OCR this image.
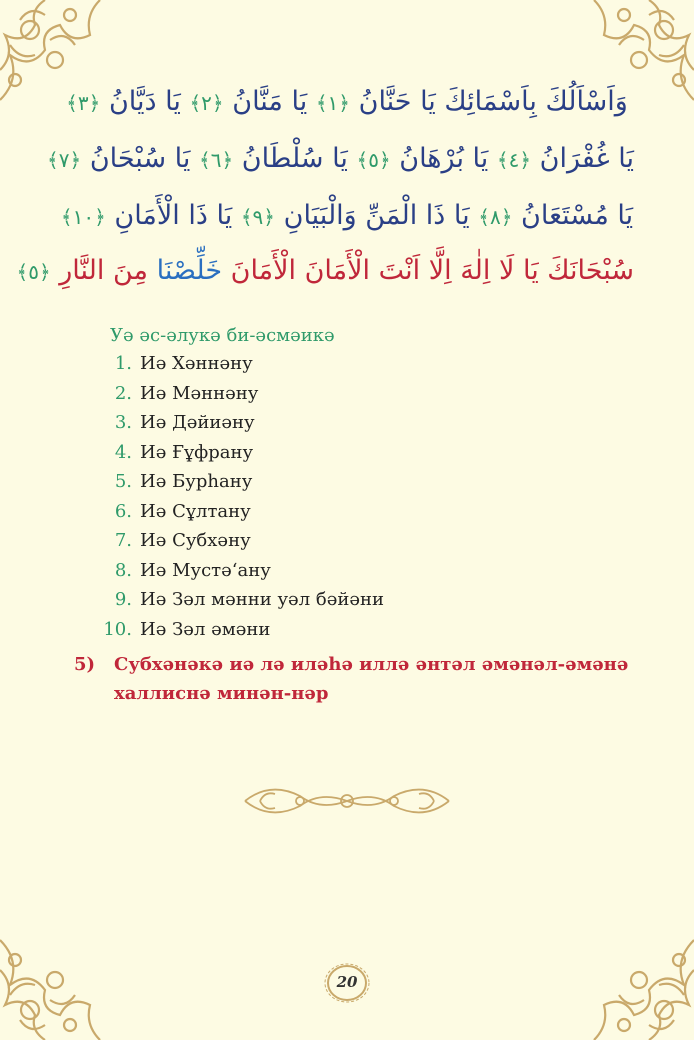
وَاَسْاَلُكَ بِاَسْمَائِكَ يَا حَنَّانُ ﴿١﴾ يَا مَنَّانُ ﴿٢﴾ يَا دَيَّانُ ﴿٣﴾
يَا غُفْرَانُ ﴿٤﴾ يَا بُرْهَانُ ﴿٥﴾ يَا سُلْطَانُ ﴿٦﴾ يَا سُبْحَانُ ﴿٧﴾
يَا مُسْتَعَانُ ﴿٨﴾ يَا ذَا الْمَنِّ وَالْبَيَانِ ﴿٩﴾ يَا ذَا الْأَمَانِ ﴿١٠﴾
سُبْحَانَكَ يَا لَا اِلٰهَ اِلَّا اَنْتَ الْأَمَانَ الْأَمَانَ خَلِّصْنَا مِنَ النَّارِ ﴿٥﴾
Уә әс-әлукә би-әсмәикә
1. Иә Хәннәну
2. Иә Мәннәну
3. Иә Дәйиәну
4. Иә Ғұфрану
5. Иә Бурһану
6. Иә Сұлтану
7. Иә Субхәну
8. Иә Мустә‘ану
9. Иә Зәл мәнни уәл бәйәни
10. Иә Зәл әмәни
5) Субхәнәкә иә лә иләһә иллә әнтәл әмәнәл-әмәнә
халлиснә минән-нәр
20
